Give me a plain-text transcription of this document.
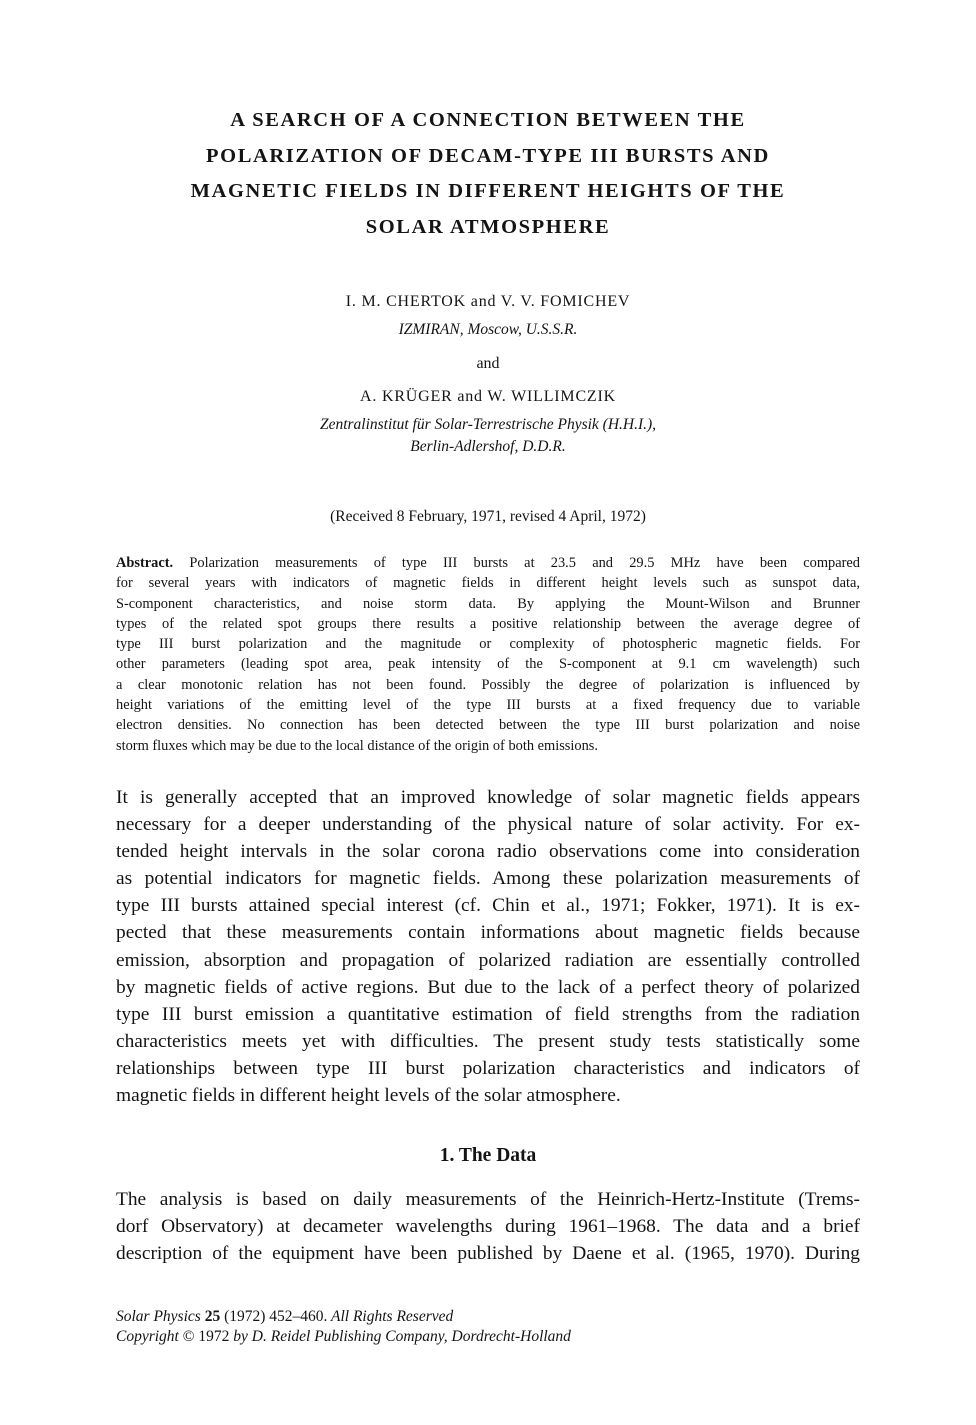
A SEARCH OF A CONNECTION BETWEEN THE
POLARIZATION OF DECAM-TYPE III BURSTS AND
MAGNETIC FIELDS IN DIFFERENT HEIGHTS OF THE
SOLAR ATMOSPHERE
I. M. CHERTOK and V. V. FOMICHEV
IZMIRAN, Moscow, U.S.S.R.
and
A. KRÜGER and W. WILLIMCZIK
Zentralinstitut für Solar-Terrestrische Physik (H.H.I.),
Berlin-Adlershof, D.D.R.
(Received 8 February, 1971, revised 4 April, 1972)
Abstract. Polarization measurements of type III bursts at 23.5 and 29.5 MHz have been compared
for several years with indicators of magnetic fields in different height levels such as sunspot data,
S-component characteristics, and noise storm data. By applying the Mount-Wilson and Brunner
types of the related spot groups there results a positive relationship between the average degree of
type III burst polarization and the magnitude or complexity of photospheric magnetic fields. For
other parameters (leading spot area, peak intensity of the S-component at 9.1 cm wavelength) such
a clear monotonic relation has not been found. Possibly the degree of polarization is influenced by
height variations of the emitting level of the type III bursts at a fixed frequency due to variable
electron densities. No connection has been detected between the type III burst polarization and noise
storm fluxes which may be due to the local distance of the origin of both emissions.
It is generally accepted that an improved knowledge of solar magnetic fields appears
necessary for a deeper understanding of the physical nature of solar activity. For ex-
tended height intervals in the solar corona radio observations come into consideration
as potential indicators for magnetic fields. Among these polarization measurements of
type III bursts attained special interest (cf. Chin et al., 1971; Fokker, 1971). It is ex-
pected that these measurements contain informations about magnetic fields because
emission, absorption and propagation of polarized radiation are essentially controlled
by magnetic fields of active regions. But due to the lack of a perfect theory of polarized
type III burst emission a quantitative estimation of field strengths from the radiation
characteristics meets yet with difficulties. The present study tests statistically some
relationships between type III burst polarization characteristics and indicators of
magnetic fields in different height levels of the solar atmosphere.
1. The Data
The analysis is based on daily measurements of the Heinrich-Hertz-Institute (Trems-
dorf Observatory) at decameter wavelengths during 1961–1968. The data and a brief
description of the equipment have been published by Daene et al. (1965, 1970). During
Solar Physics 25 (1972) 452–460. All Rights Reserved
Copyright © 1972 by D. Reidel Publishing Company, Dordrecht-Holland
